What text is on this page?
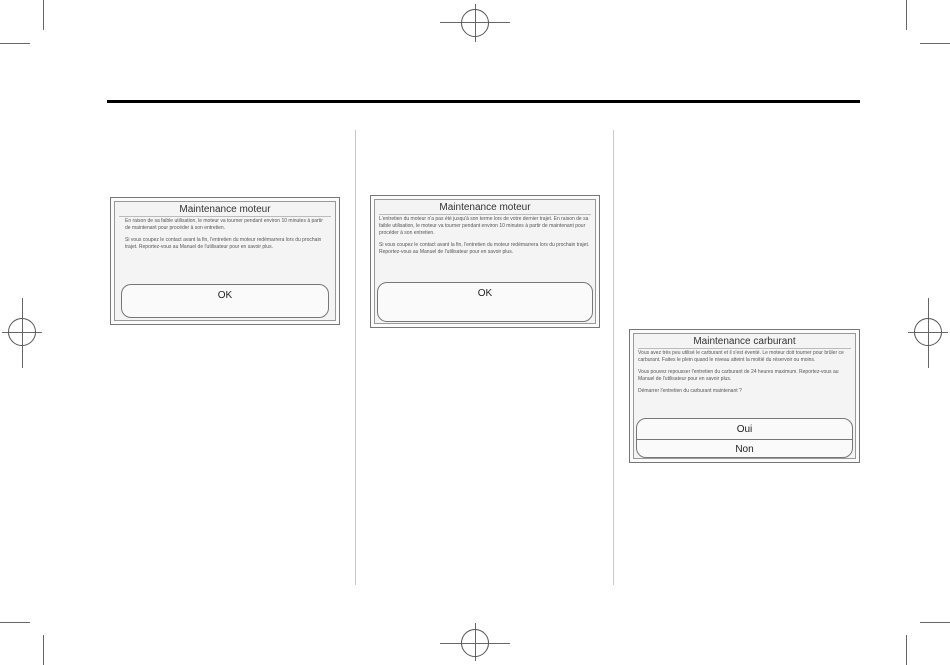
Maintenance moteur

En raison de sa faible utilisation, le moteur va tourner pendant environ 10 minutes à partir de maintenant pour procéder à son entretien.

Si vous coupez le contact avant la fin, l'entretien du moteur redémarrera lors du prochain trajet. Reportez-vous au Manuel de l'utilisateur pour en savoir plus.

OK
Maintenance moteur

L'entretien du moteur n'a pas été jusqu'à son terme lors de votre dernier trajet. En raison de sa faible utilisation, le moteur va tourner pendant environ 10 minutes à partir de maintenant pour procéder à son entretien.

Si vous coupez le contact avant la fin, l'entretien du moteur redémarrera lors du prochain trajet. Reportez-vous au Manuel de l'utilisateur pour en savoir plus.

OK
Maintenance carburant

Vous avez très peu utilisé le carburant et il s'est éventé. Le moteur doit tourner pour brûler ce carburant. Faites le plein quand le niveau atteint la moitié du réservoir ou moins.

Vous pouvez repousser l'entretien du carburant de 24 heures maximum. Reportez-vous au Manuel de l'utilisateur pour en savoir plus.

Démarrer l'entretien du carburant maintenant ?

Oui
Non
